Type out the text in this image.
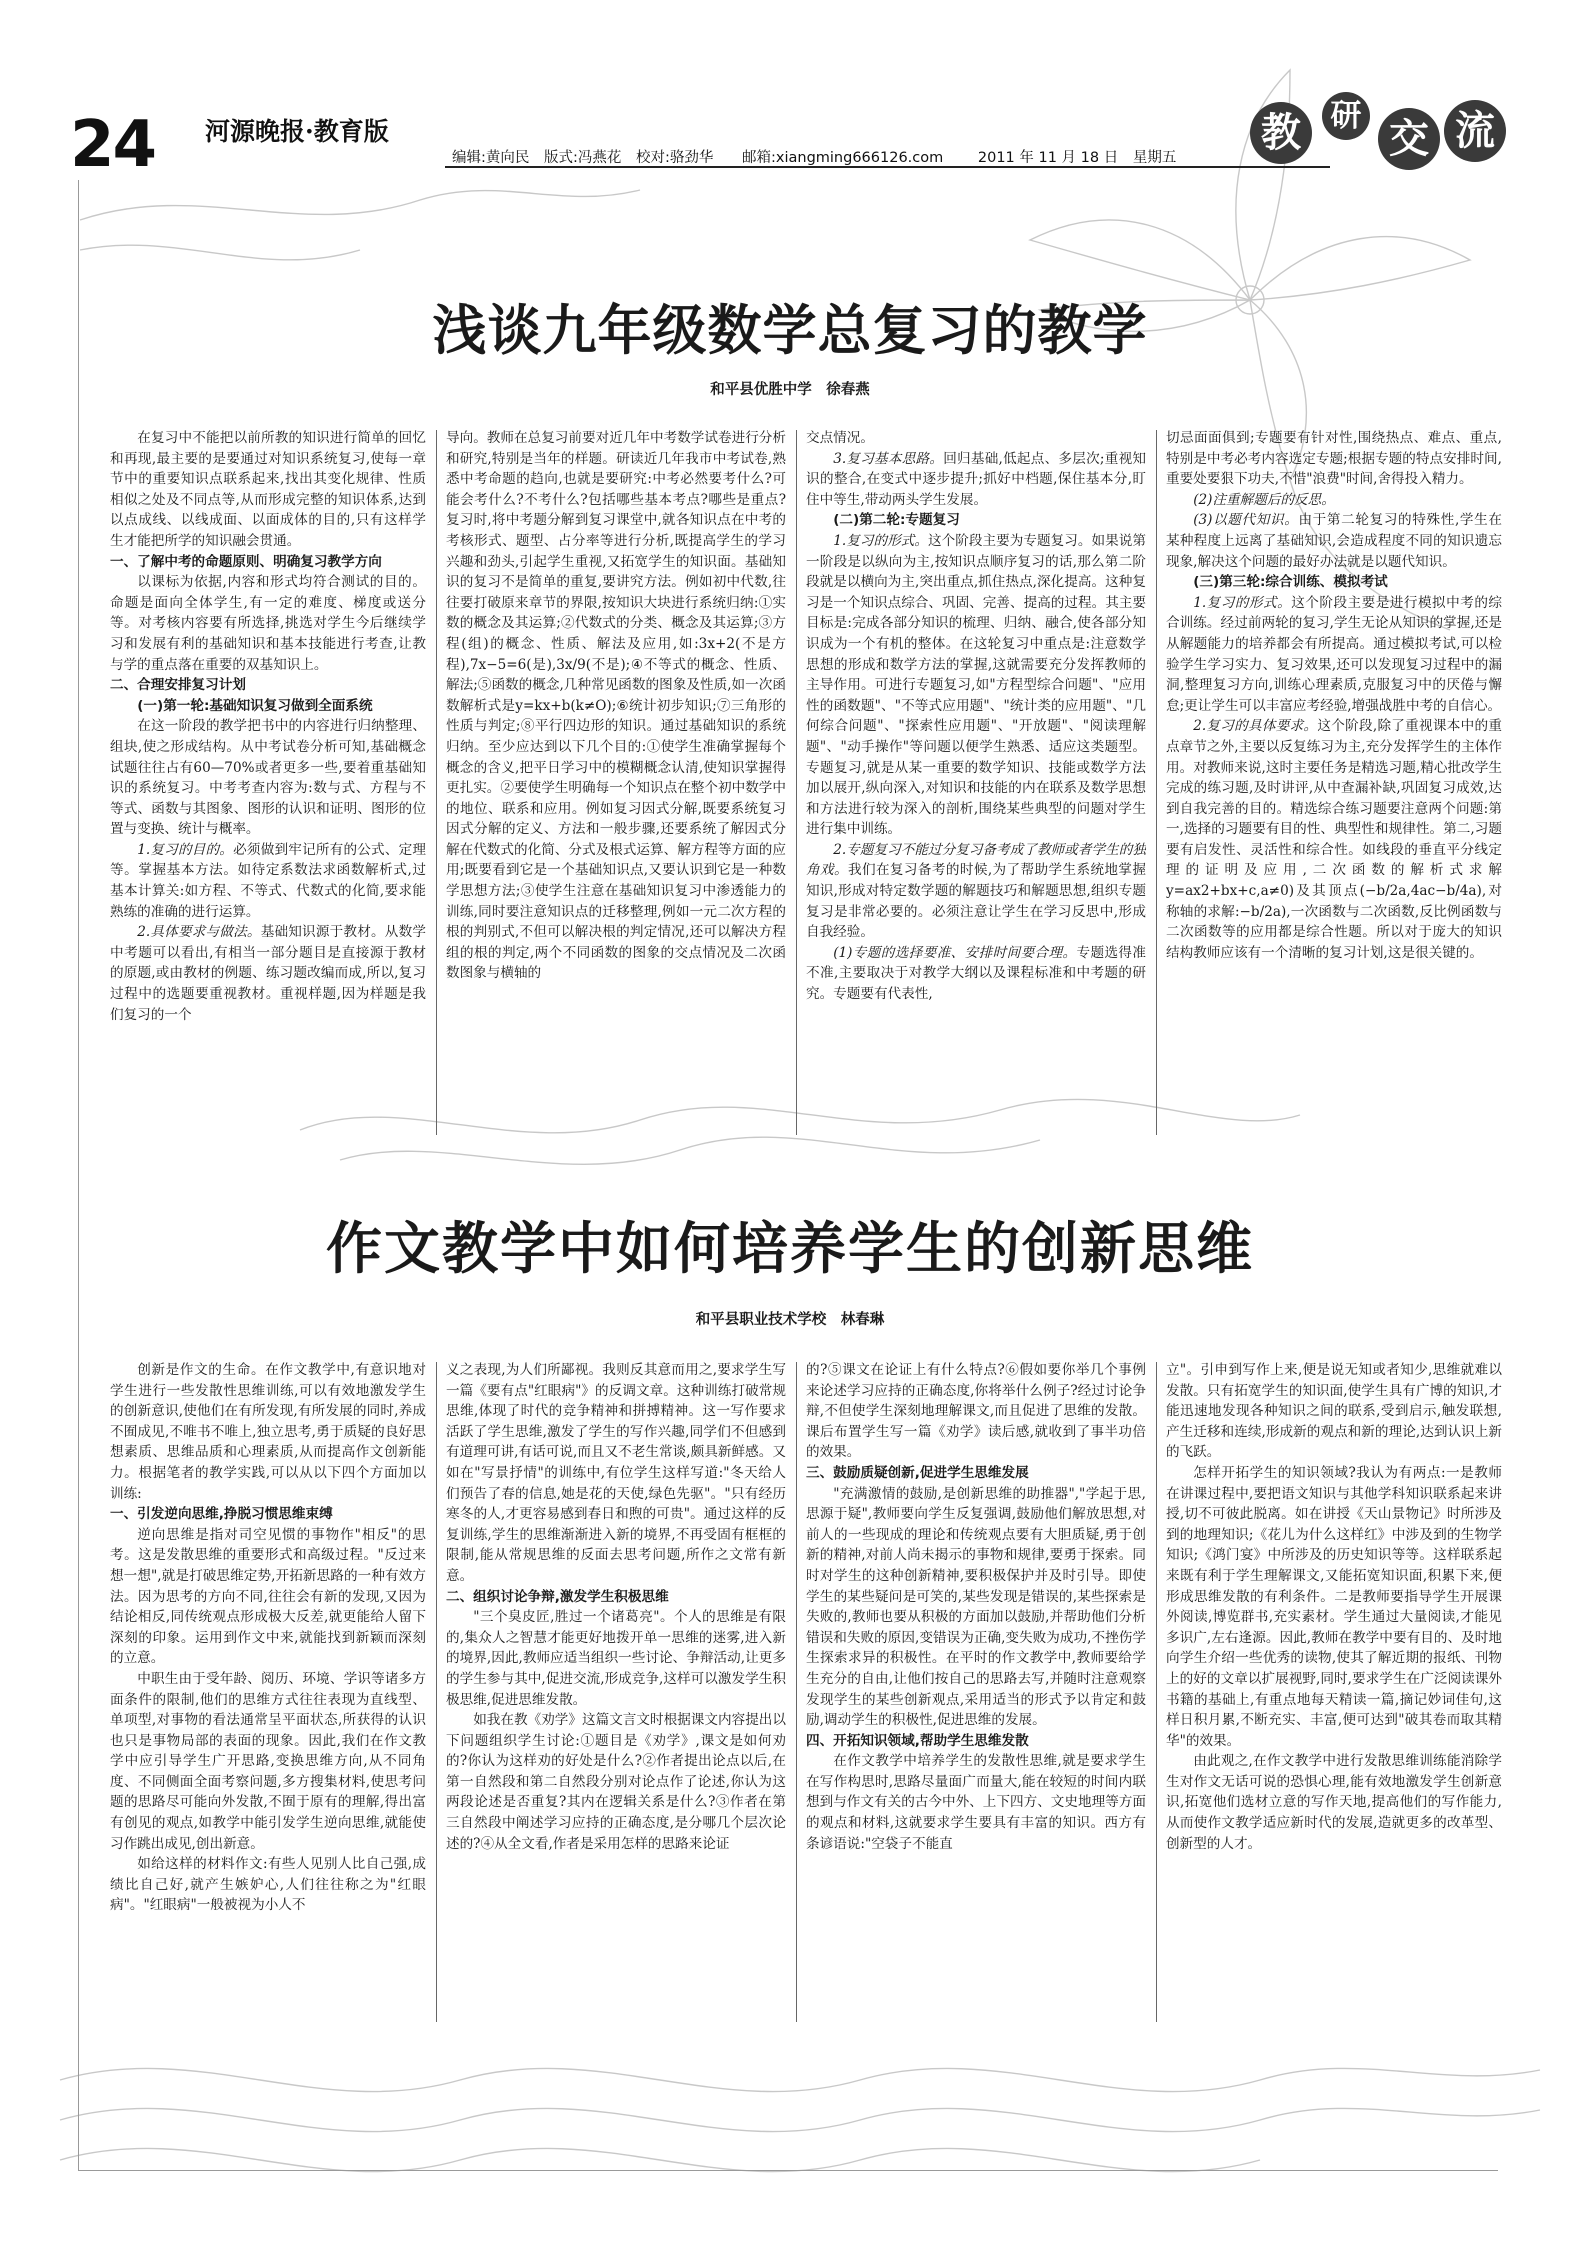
24 河源晚报·教育版
编辑:黄向民 版式:冯燕花 校对:骆劲华 邮箱:xiangming666126.com 2011 年 11 月 18 日 星期五
教 研 交 流
浅谈九年级数学总复习的教学
和平县优胜中学　徐春燕

在复习中不能把以前所教的知识进行简单的回忆和再现,最主要的是要通过对知识系统复习,使每一章节中的重要知识点联系起来,找出其变化规律、性质相似之处及不同点等,从而形成完整的知识体系,达到以点成线、以线成面、以面成体的目的,只有这样学生才能把所学的知识融会贯通。

一、了解中考的命题原则、明确复习教学方向

以课标为依据,内容和形式均符合测试的目的。命题是面向全体学生,有一定的难度、梯度或送分等。对考核内容要有所选择,挑选对学生今后继续学习和发展有利的基础知识和基本技能进行考查,让教与学的重点落在重要的双基知识上。

二、合理安排复习计划

(一)第一轮:基础知识复习做到全面系统

在这一阶段的教学把书中的内容进行归纳整理、组块,使之形成结构。从中考试卷分析可知,基础概念试题往往占有60—70%或者更多一些,要着重基础知识的系统复习。中考考查内容为:数与式、方程与不等式、函数与其图象、图形的认识和证明、图形的位置与变换、统计与概率。

1.复习的目的。必须做到牢记所有的公式、定理等。掌握基本方法。如待定系数法求函数解析式,过基本计算关:如方程、不等式、代数式的化简,要求能熟练的准确的进行运算。

2.具体要求与做法。基础知识源于教材。从数学中考题可以看出,有相当一部分题目是直接源于教材的原题,或由教材的例题、练习题改编而成,所以,复习过程中的选题要重视教材。重视样题,因为样题是我们复习的一个

导向。教师在总复习前要对近几年中考数学试卷进行分析和研究,特别是当年的样题。研读近几年我市中考试卷,熟悉中考命题的趋向,也就是要研究:中考必然要考什么?可能会考什么?不考什么?包括哪些基本考点?哪些是重点?复习时,将中考题分解到复习课堂中,就各知识点在中考的考核形式、题型、占分率等进行分析,既提高学生的学习兴趣和劲头,引起学生重视,又拓宽学生的知识面。基础知识的复习不是简单的重复,要讲究方法。例如初中代数,往往要打破原来章节的界限,按知识大块进行系统归纳:①实数的概念及其运算;②代数式的分类、概念及其运算;③方程(组)的概念、性质、解法及应用,如:3x+2(不是方程),7x−5=6(是),3x/9(不是);④不等式的概念、性质、解法;⑤函数的概念,几种常见函数的图象及性质,如一次函数解析式是y=kx+b(k≠O);⑥统计初步知识;⑦三角形的性质与判定;⑧平行四边形的知识。通过基础知识的系统归纳。至少应达到以下几个目的:①使学生准确掌握每个概念的含义,把平日学习中的模糊概念认清,使知识掌握得更扎实。②要使学生明确每一个知识点在整个初中数学中的地位、联系和应用。例如复习因式分解,既要系统复习因式分解的定义、方法和一般步骤,还要系统了解因式分解在代数式的化简、分式及根式运算、解方程等方面的应用;既要看到它是一个基础知识点,又要认识到它是一种数学思想方法;③使学生注意在基础知识复习中渗透能力的训练,同时要注意知识点的迁移整理,例如一元二次方程的根的判别式,不但可以解决根的判定情况,还可以解决方程组的根的判定,两个不同函数的图象的交点情况及二次函数图象与横轴的

交点情况。

3.复习基本思路。回归基础,低起点、多层次;重视知识的整合,在变式中逐步提升;抓好中档题,保住基本分,盯住中等生,带动两头学生发展。

(二)第二轮:专题复习

1.复习的形式。这个阶段主要为专题复习。如果说第一阶段是以纵向为主,按知识点顺序复习的话,那么第二阶段就是以横向为主,突出重点,抓住热点,深化提高。这种复习是一个知识点综合、巩固、完善、提高的过程。其主要目标是:完成各部分知识的梳理、归纳、融合,使各部分知识成为一个有机的整体。在这轮复习中重点是:注意数学思想的形成和数学方法的掌握,这就需要充分发挥教师的主导作用。可进行专题复习,如"方程型综合问题"、"应用性的函数题"、"不等式应用题"、"统计类的应用题"、"几何综合问题"、"探索性应用题"、"开放题"、"阅读理解题"、"动手操作"等问题以便学生熟悉、适应这类题型。专题复习,就是从某一重要的数学知识、技能或数学方法加以展开,纵向深入,对知识和技能的内在联系及数学思想和方法进行较为深入的剖析,围绕某些典型的问题对学生进行集中训练。

2.专题复习不能过分复习备考成了教师或者学生的独角戏。我们在复习备考的时候,为了帮助学生系统地掌握知识,形成对特定数学题的解题技巧和解题思想,组织专题复习是非常必要的。必须注意让学生在学习反思中,形成自我经验。

(1)专题的选择要准、安排时间要合理。专题选得准不准,主要取决于对教学大纲以及课程标准和中考题的研究。专题要有代表性,

切忌面面俱到;专题要有针对性,围绕热点、难点、重点,特别是中考必考内容选定专题;根据专题的特点安排时间,重要处要狠下功夫,不惜"浪费"时间,舍得投入精力。

(2)注重解题后的反思。

(3)以题代知识。由于第二轮复习的特殊性,学生在某种程度上远离了基础知识,会造成程度不同的知识遗忘现象,解决这个问题的最好办法就是以题代知识。

(三)第三轮:综合训练、模拟考试

1.复习的形式。这个阶段主要是进行模拟中考的综合训练。经过前两轮的复习,学生无论从知识的掌握,还是从解题能力的培养都会有所提高。通过模拟考试,可以检验学生学习实力、复习效果,还可以发现复习过程中的漏洞,整理复习方向,训练心理素质,克服复习中的厌倦与懈怠;更让学生可以丰富应考经验,增强战胜中考的自信心。

2.复习的具体要求。这个阶段,除了重视课本中的重点章节之外,主要以反复练习为主,充分发挥学生的主体作用。对教师来说,这时主要任务是精选习题,精心批改学生完成的练习题,及时讲评,从中查漏补缺,巩固复习成效,达到自我完善的目的。精选综合练习题要注意两个问题:第一,选择的习题要有目的性、典型性和规律性。第二,习题要有启发性、灵活性和综合性。如线段的垂直平分线定理的证明及应用,二次函数的解析式求解y=ax2+bx+c,a≠0)及其顶点(−b/2a,4ac−b/4a),对称轴的求解:−b/2a),一次函数与二次函数,反比例函数与二次函数等的应用都是综合性题。所以对于庞大的知识结构教师应该有一个清晰的复习计划,这是很关键的。

作文教学中如何培养学生的创新思维
和平县职业技术学校　林春琳

创新是作文的生命。在作文教学中,有意识地对学生进行一些发散性思维训练,可以有效地激发学生的创新意识,使他们在有所发现,有所发展的同时,养成不囿成见,不唯书不唯上,独立思考,勇于质疑的良好思想素质、思维品质和心理素质,从而提高作文创新能力。根据笔者的教学实践,可以从以下四个方面加以训练:

一、引发逆向思维,挣脱习惯思维束缚

逆向思维是指对司空见惯的事物作"相反"的思考。这是发散思维的重要形式和高级过程。"反过来想一想",就是打破思维定势,开拓新思路的一种有效方法。因为思考的方向不同,往往会有新的发现,又因为结论相反,同传统观点形成极大反差,就更能给人留下深刻的印象。运用到作文中来,就能找到新颖而深刻的立意。

中职生由于受年龄、阅历、环境、学识等诸多方面条件的限制,他们的思维方式往往表现为直线型、单项型,对事物的看法通常呈平面状态,所获得的认识也只是事物局部的表面的现象。因此,我们在作文教学中应引导学生广开思路,变换思维方向,从不同角度、不同侧面全面考察问题,多方搜集材料,使思考问题的思路尽可能向外发散,不囿于原有的理解,得出富有创见的观点,如教学中能引发学生逆向思维,就能使习作跳出成见,创出新意。

如给这样的材料作文:有些人见别人比自己强,成绩比自己好,就产生嫉妒心,人们往往称之为"红眼病"。"红眼病"一般被视为小人不

义之表现,为人们所鄙视。我则反其意而用之,要求学生写一篇《要有点"红眼病"》的反调文章。这种训练打破常规思维,体现了时代的竞争精神和拼搏精神。这一写作要求活跃了学生思维,激发了学生的写作兴趣,同学们不但感到有道理可讲,有话可说,而且又不老生常谈,颇具新鲜感。又如在"写景抒情"的训练中,有位学生这样写道:"冬天给人们预告了春的信息,她是花的天使,绿色先驱"。"只有经历寒冬的人,才更容易感到春日和煦的可贵"。通过这样的反复训练,学生的思维渐渐进入新的境界,不再受固有框框的限制,能从常规思维的反面去思考问题,所作之文常有新意。

二、组织讨论争辩,激发学生积极思维

"三个臭皮匠,胜过一个诸葛亮"。个人的思维是有限的,集众人之智慧才能更好地拨开单一思维的迷雾,进入新的境界,因此,教师应适当组织一些讨论、争辩活动,让更多的学生参与其中,促进交流,形成竞争,这样可以激发学生积极思维,促进思维发散。

如我在教《劝学》这篇文言文时根据课文内容提出以下问题组织学生讨论:①题目是《劝学》,课文是如何劝的?你认为这样劝的好处是什么?②作者提出论点以后,在第一自然段和第二自然段分别对论点作了论述,你认为这两段论述是否重复?其内在逻辑关系是什么?③作者在第三自然段中阐述学习应持的正确态度,是分哪几个层次论述的?④从全文看,作者是采用怎样的思路来论证

的?⑤课文在论证上有什么特点?⑥假如要你举几个事例来论述学习应持的正确态度,你将举什么例子?经过讨论争辩,不但使学生深刻地理解课文,而且促进了思维的发散。课后布置学生写一篇《劝学》读后感,就收到了事半功倍的效果。

三、鼓励质疑创新,促进学生思维发展

"充满激情的鼓励,是创新思维的助推器","学起于思,思源于疑",教师要向学生反复强调,鼓励他们解放思想,对前人的一些现成的理论和传统观点要有大胆质疑,勇于创新的精神,对前人尚未揭示的事物和规律,要勇于探索。同时对学生的这种创新精神,要积极保护并及时引导。即使学生的某些疑问是可笑的,某些发现是错误的,某些探索是失败的,教师也要从积极的方面加以鼓励,并帮助他们分析错误和失败的原因,变错误为正确,变失败为成功,不挫伤学生探索求异的积极性。在平时的作文教学中,教师要给学生充分的自由,让他们按自己的思路去写,并随时注意观察发现学生的某些创新观点,采用适当的形式予以肯定和鼓励,调动学生的积极性,促进思维的发展。

四、开拓知识领域,帮助学生思维发散

在作文教学中培养学生的发散性思维,就是要求学生在写作构思时,思路尽量面广而量大,能在较短的时间内联想到与作文有关的古今中外、上下四方、文史地理等方面的观点和材料,这就要求学生要具有丰富的知识。西方有条谚语说:"空袋子不能直

立"。引申到写作上来,便是说无知或者知少,思维就难以发散。只有拓宽学生的知识面,使学生具有广博的知识,才能迅速地发现各种知识之间的联系,受到启示,触发联想,产生迁移和连续,形成新的观点和新的理论,达到认识上新的飞跃。

怎样开拓学生的知识领域?我认为有两点:一是教师在讲课过程中,要把语文知识与其他学科知识联系起来讲授,切不可彼此脱离。如在讲授《天山景物记》时所涉及到的地理知识;《花儿为什么这样红》中涉及到的生物学知识;《鸿门宴》中所涉及的历史知识等等。这样联系起来既有利于学生理解课文,又能拓宽知识面,积累下来,便形成思维发散的有利条件。二是教师要指导学生开展课外阅读,博览群书,充实素材。学生通过大量阅读,才能见多识广,左右逢源。因此,教师在教学中要有目的、及时地向学生介绍一些优秀的读物,使其了解近期的报纸、刊物上的好的文章以扩展视野,同时,要求学生在广泛阅读课外书籍的基础上,有重点地每天精读一篇,摘记妙词佳句,这样日积月累,不断充实、丰富,便可达到"破其卷而取其精华"的效果。

由此观之,在作文教学中进行发散思维训练能消除学生对作文无话可说的恐惧心理,能有效地激发学生创新意识,拓宽他们选材立意的写作天地,提高他们的写作能力,从而使作文教学适应新时代的发展,造就更多的改革型、创新型的人才。
